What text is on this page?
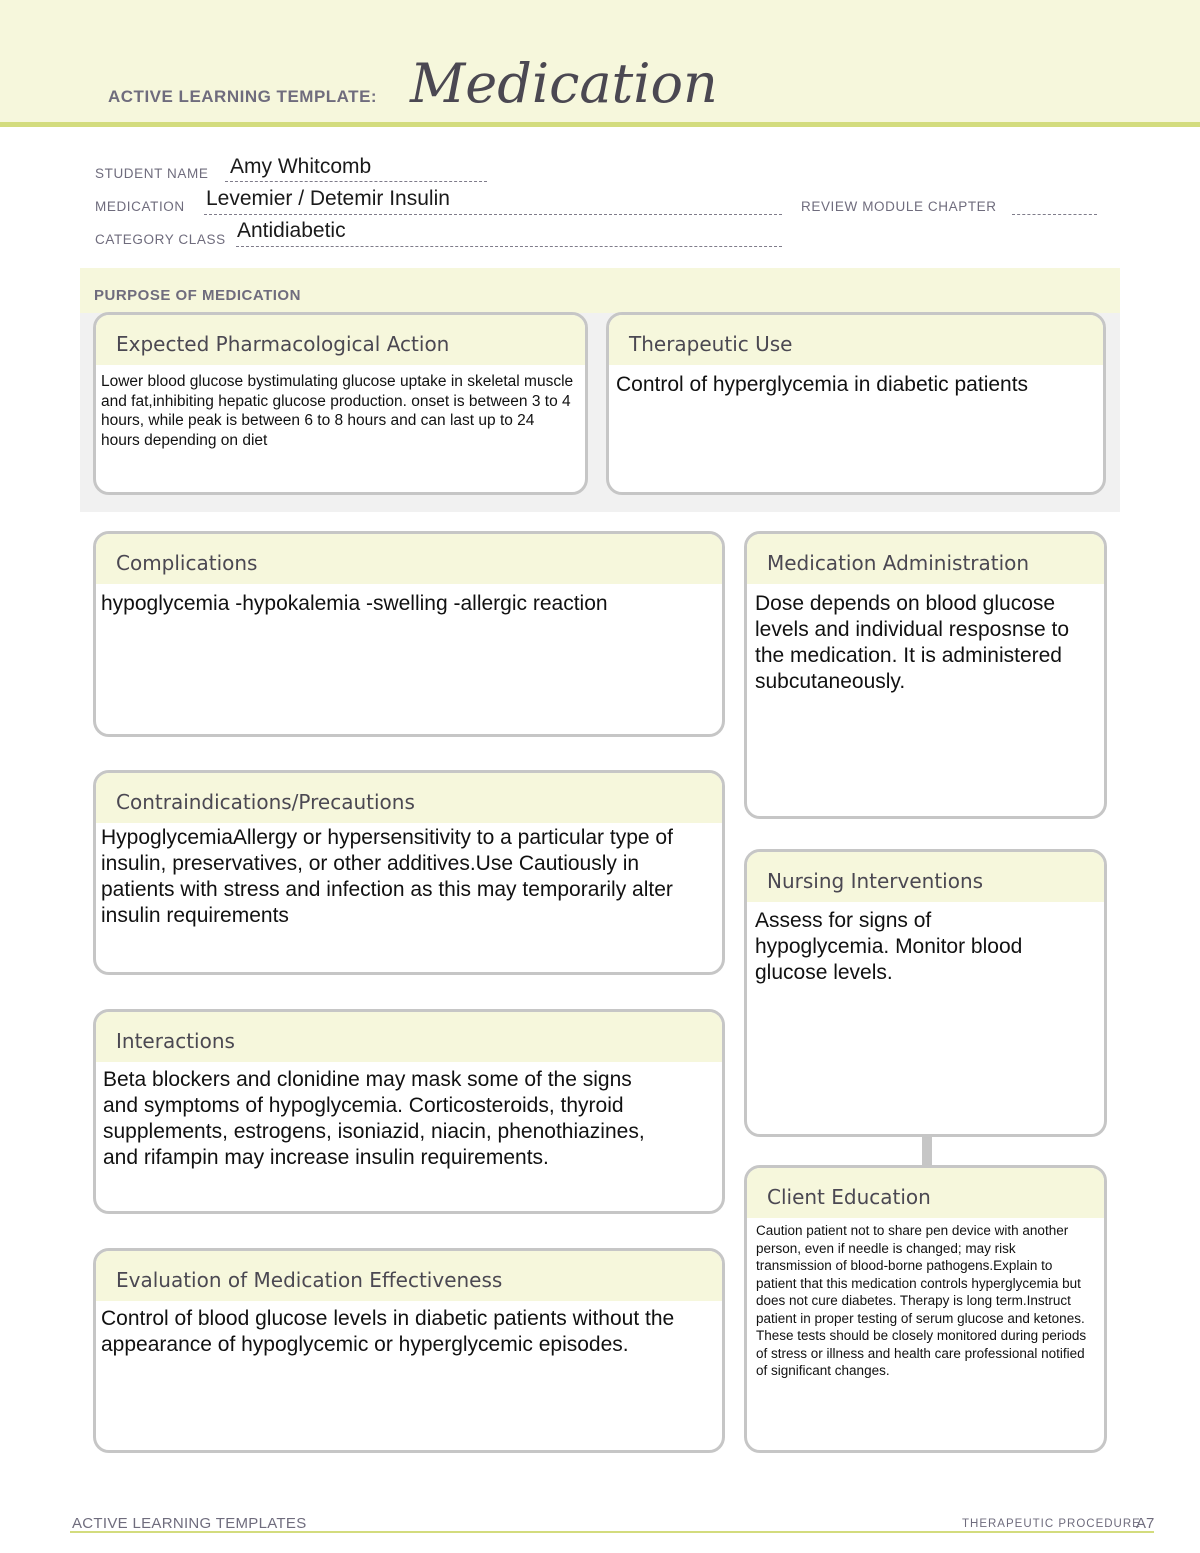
ACTIVE LEARNING TEMPLATE: Medication
STUDENT NAME Amy Whitcomb
MEDICATION Levemier / Detemir Insulin	REVIEW MODULE CHAPTER
CATEGORY CLASS Antidiabetic
PURPOSE OF MEDICATION
Expected Pharmacological Action
Lower blood glucose bystimulating glucose uptake in skeletal muscle and fat,inhibiting hepatic glucose production. onset is between 3 to 4 hours, while peak is between 6 to 8 hours and can last up to 24 hours depending on diet
Therapeutic Use
Control of hyperglycemia in diabetic patients
Complications
hypoglycemia -hypokalemia -swelling -allergic reaction
Contraindications/Precautions
HypoglycemiaAllergy or hypersensitivity to a particular type of insulin, preservatives, or other additives.Use Cautiously in patients with stress and infection as this may temporarily alter insulin requirements
Interactions
Beta blockers and clonidine may mask some of the signs and symptoms of hypoglycemia. Corticosteroids, thyroid supplements, estrogens, isoniazid, niacin, phenothiazines, and rifampin may increase insulin requirements.
Evaluation of Medication Effectiveness
Control of blood glucose levels in diabetic patients without the appearance of hypoglycemic or hyperglycemic episodes.
Medication Administration
Dose depends on blood glucose levels and individual resposnse to the medication. It is administered subcutaneously.
Nursing Interventions
Assess for signs of hypoglycemia. Monitor blood glucose levels.
Client Education
Caution patient not to share pen device with another person, even if needle is changed; may risk transmission of blood-borne pathogens.Explain to patient that this medication controls hyperglycemia but does not cure diabetes. Therapy is long term.Instruct patient in proper testing of serum glucose and ketones. These tests should be closely monitored during periods of stress or illness and health care professional notified of significant changes.
ACTIVE LEARNING TEMPLATES	THERAPEUTIC PROCEDURE
A7
